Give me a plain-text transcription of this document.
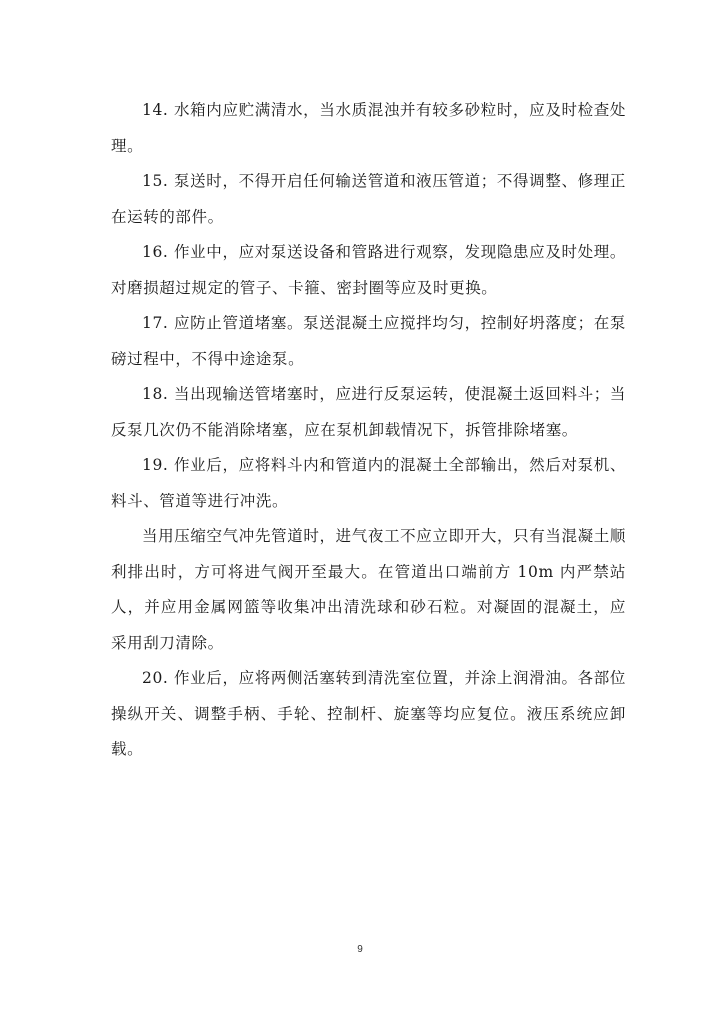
14. 水箱内应贮满清水，当水质混浊并有较多砂粒时，应及时检查处理。

15. 泵送时，不得开启任何输送管道和液压管道；不得调整、修理正在运转的部件。

16. 作业中，应对泵送设备和管路进行观察，发现隐患应及时处理。对磨损超过规定的管子、卡箍、密封圈等应及时更换。

17. 应防止管道堵塞。泵送混凝土应搅拌均匀，控制好坍落度；在泵磅过程中，不得中途途泵。

18. 当出现输送管堵塞时，应进行反泵运转，使混凝土返回料斗；当反泵几次仍不能消除堵塞，应在泵机卸载情况下，拆管排除堵塞。

19. 作业后，应将料斗内和管道内的混凝土全部输出，然后对泵机、料斗、管道等进行冲洗。

当用压缩空气冲先管道时，进气夜工不应立即开大，只有当混凝土顺利排出时，方可将进气阀开至最大。在管道出口端前方 10m 内严禁站人，并应用金属网篮等收集冲出清洗球和砂石粒。对凝固的混凝土，应采用刮刀清除。

20. 作业后，应将两侧活塞转到清洗室位置，并涂上润滑油。各部位操纵开关、调整手柄、手轮、控制杆、旋塞等均应复位。液压系统应卸载。

9
